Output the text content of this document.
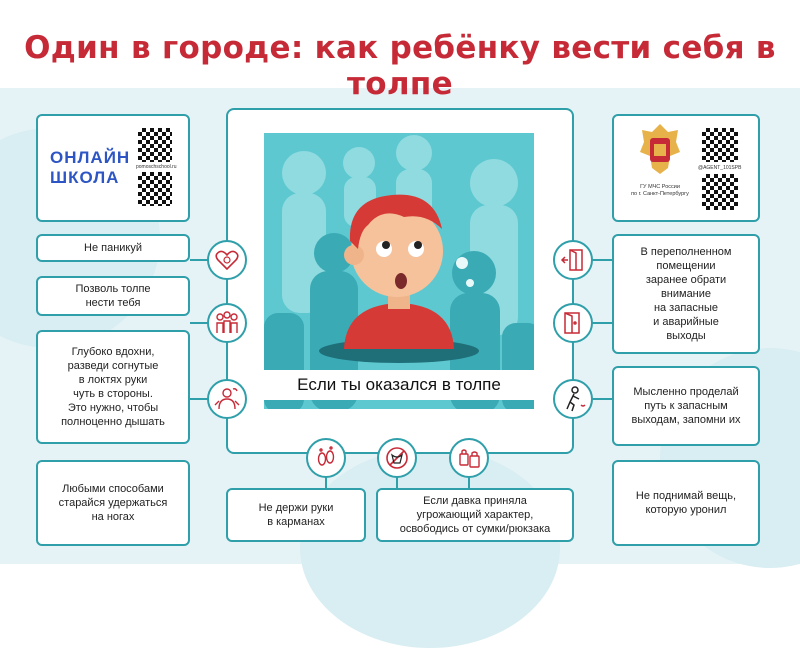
Один в городе: как ребёнку вести себя в толпе
Если ты оказался в толпе
ОНЛАЙН
ШКОЛА
pomoschschool.ru
ГУ МЧС России
по г. Санкт-Петербургу
@AGENT_101SPB
Не паникуй
Позволь толпе
нести тебя
Глубоко вдохни,
разведи согнутые
в локтях руки
чуть в стороны.
Это нужно, чтобы
полноценно дышать
Любыми способами
старайся удержаться
на ногах
Не держи руки
в карманах
Если давка приняла
угрожающий характер,
освободись от сумки/рюкзака
В переполненном
помещении
заранее обрати
внимание
на запасные
и аварийные
выходы
Мысленно проделай
путь к запасным
выходам, запомни их
Не поднимай вещь,
которую уронил
